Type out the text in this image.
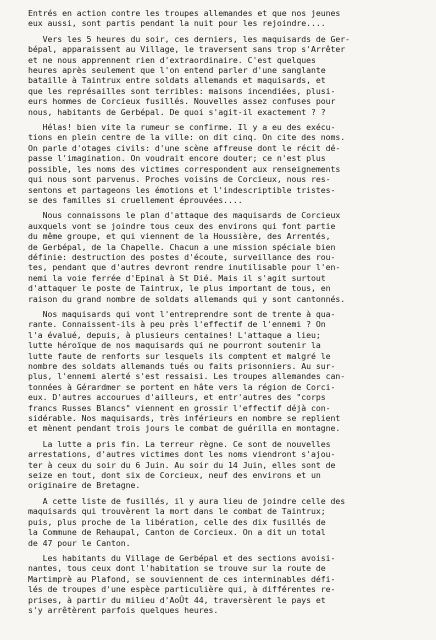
Entrés en action contre les troupes allemandes et que nos jeunes
eux aussi, sont partis pendant la nuit pour les rejoindre....

Vers les 5 heures du soir, ces derniers, les maquisards de Ger-
bépal, apparaissent au Village, le traversent sans trop s'Arrêter
et ne nous apprennent rien d'extraordinaire. C'est quelques
heures après seulement que l'on entend parler d'une sanglante
bataille à Taintrux entre soldats allemands et maquisards, et
que les représailles sont terribles: maisons incendiées, plusi-
eurs hommes de Corcieux fusillés. Nouvelles assez confuses pour
nous, habitants de Gerbépal. De quoi s'agit-il exactement ? ?

Hélas! bien vite la rumeur se confirme. Il y a eu des exécu-
tions en plein centre de la ville: on dit cinq. On cite des noms.
On parle d'otages civils: d'une scène affreuse dont le récit dé-
passe l'imagination. On voudrait encore douter; ce n'est plus
possible, les noms des victimes correspondent aux renseignements
qui nous sont parvenus. Proches voisins de Corcieux, nous res-
sentons et partageons les émotions et l'indescriptible tristes-
se des familles si cruellement éprouvées....

Nous connaissons le plan d'attaque des maquisards de Corcieux
auxquels vont se joindre tous ceux des environs qui font partie
du même groupe, et qui viennent de la Houssière, des Arrentés,
de Gerbépal, de la Chapelle. Chacun a une mission spéciale bien
définie: destruction des postes d'écoute, surveillance des rou-
tes, pendant que d'autres devront rendre inutilisable pour l'en-
nemi la voie ferrée d'Epinal à St Dié. Mais il s'agit surtout
d'attaquer le poste de Taintrux, le plus important de tous, en
raison du grand nombre de soldats allemands qui y sont cantonnés.

Nos maquisards qui vont l'entreprendre sont de trente à qua-
rante. Connaissent-ils à peu près l'effectif de l'ennemi ? On
l'a évalué, depuis, à plusieurs centaines! L'attaque a lieu;
lutte héroïque de nos maquisards qui ne pourront soutenir la
lutte faute de renforts sur lesquels ils comptent et malgré le
nombre des soldats allemands tués ou faits prisonniers. Au sur-
plus, l'ennemi alerté s'est ressaisi. Les troupes allemandes can-
tonnées à Gérardmer se portent en hâte vers la région de Corci-
eux. D'autres accourues d'ailleurs, et entr'autres des "corps
francs Russes Blancs" viennent en grossir l'effectif déjà con-
sidérable. Nos maquisards, très inférieurs en nombre se replient
et mènent pendant trois jours le combat de guérilla en montagne.

La lutte a pris fin. La terreur règne. Ce sont de nouvelles
arrestations, d'autres victimes dont les noms viendront s'ajou-
ter à ceux du soir du 6 Juin. Au soir du 14 Juin, elles sont de
seize en tout, dont six de Corcieux, neuf des environs et un
originaire de Bretagne.

A cette liste de fusillés, il y aura lieu de joindre celle des
maquisards qui trouvèrent la mort dans le combat de Taintrux;
puis, plus proche de la libération, celle des dix fusillés de
la Commune de Rehaupal, Canton de Corcieux. On a dit un total
de 47 pour le Canton.

Les habitants du Village de Gerbépal et des sections avoisi-
nantes, tous ceux dont l'habitation se trouve sur la route de
Martimprè au Plafond, se souviennent de ces interminables défi-
lés de troupes d'une espèce particulière qui, à différentes re-
prises, à partir du milieu d'AoÛt 44, traversèrent le pays et
s'y arrêtèrent parfois quelques heures.
